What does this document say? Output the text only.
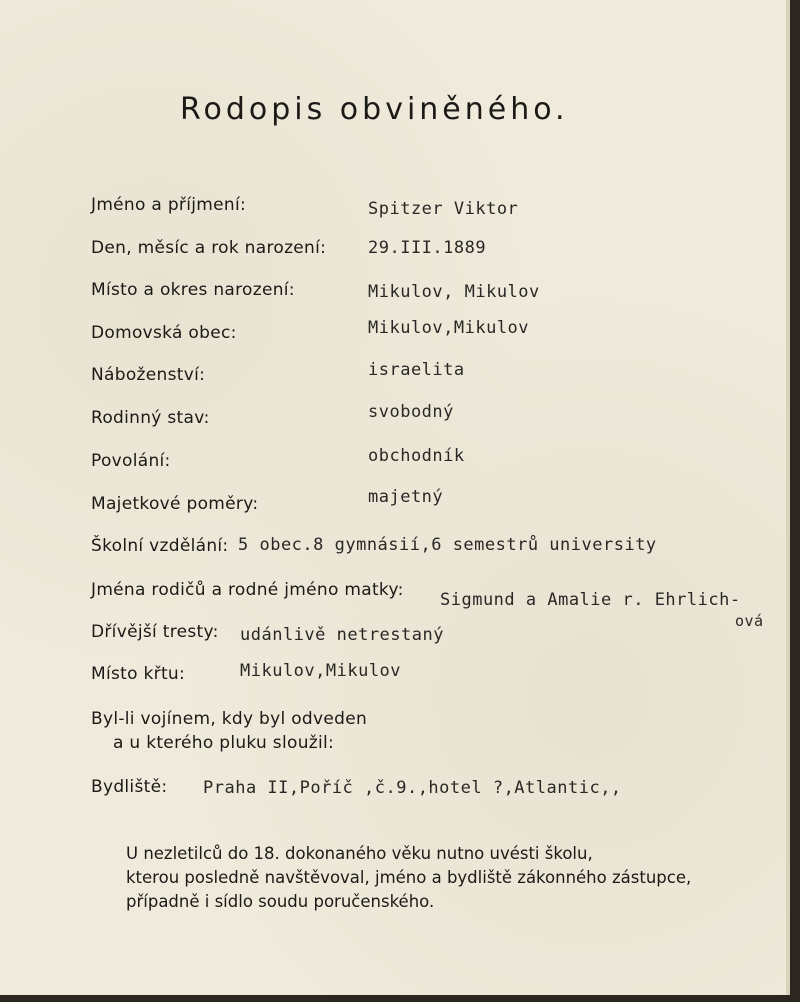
Rodopis obviněného.
Jméno a příjmení:	Spitzer Viktor
Den, měsíc a rok narození: 29.III.1889
Místo a okres narození:	Mikulov, Mikulov
Domovská obec:	Mikulov,Mikulov
Náboženství:	israelita
Rodinný stav:	svobodný
Povolání:	obchodník
Majetkové poměry:	majetný
Školní vzdělání: 5 obec.8 gymnásií,6 semestrů university
Jména rodičů a rodné jméno matky: Sigmund a Amalie r. Ehrlich-
ová
Dřívější tresty: udánlivě netrestaný
Místo křtu:	Mikulov,Mikulov
Byl-li vojínem, kdy byl odveden
a u kterého pluku sloužil:
Bydliště: Praha II,Poříč ,č.9.,hotel ?,Atlantic,,
U nezletilců do 18. dokonaného věku nutno uvésti školu,
kterou posledně navštěvoval, jméno a bydliště zákonného zástupce,
případně i sídlo soudu poručenského.
